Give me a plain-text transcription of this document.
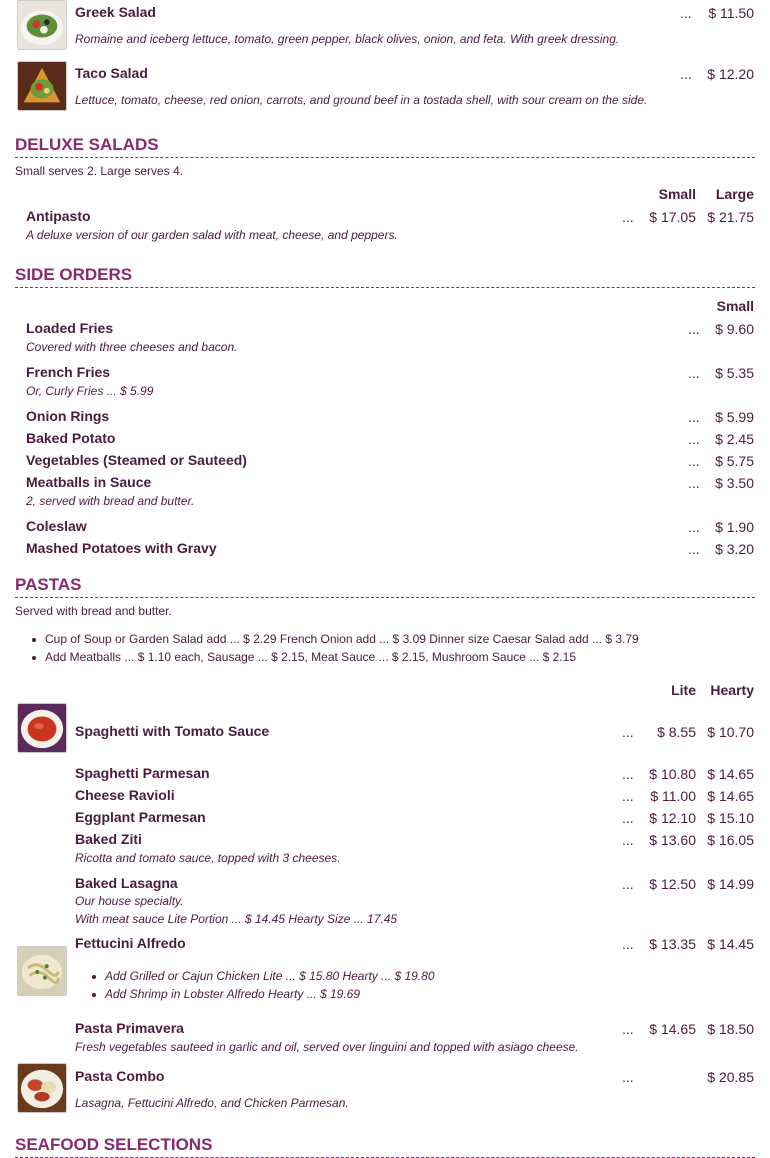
Greek Salad	... $ 11.50
Romaine and iceberg lettuce, tomato, green pepper, black olives, onion, and feta. With greek dressing.
Taco Salad	... $ 12.20
Lettuce, tomato, cheese, red onion, carrots, and ground beef in a tostada shell, with sour cream on the side.
DELUXE SALADS
Small serves 2. Large serves 4.
Small Large
Antipasto	... $ 17.05 $ 21.75
A deluxe version of our garden salad with meat, cheese, and peppers.
SIDE ORDERS
Small
Loaded Fries	... $ 9.60
Covered with three cheeses and bacon.
French Fries	... $ 5.35
Or, Curly Fries ... $ 5.99
Onion Rings	... $ 5.99
Baked Potato	... $ 2.45
Vegetables (Steamed or Sauteed)	... $ 5.75
Meatballs in Sauce	... $ 3.50
2, served with bread and butter.
Coleslaw	... $ 1.90
Mashed Potatoes with Gravy	... $ 3.20
PASTAS
Served with bread and butter.
Cup of Soup or Garden Salad add ... $ 2.29 French Onion add ... $ 3.09 Dinner size Caesar Salad add ... $ 3.79
Add Meatballs ... $ 1.10 each, Sausage ... $ 2.15, Meat Sauce ... $ 2.15, Mushroom Sauce ... $ 2.15
Lite Hearty
Spaghetti with Tomato Sauce	... $ 8.55 $ 10.70
Spaghetti Parmesan	... $ 10.80 $ 14.65
Cheese Ravioli	... $ 11.00 $ 14.65
Eggplant Parmesan	... $ 12.10 $ 15.10
Baked Ziti	... $ 13.60 $ 16.05
Ricotta and tomato sauce, topped with 3 cheeses.
Baked Lasagna	... $ 12.50 $ 14.99
Our house specialty.
With meat sauce Lite Portion ... $ 14.45 Hearty Size ... 17.45
Fettucini Alfredo	... $ 13.35 $ 14.45
Add Grilled or Cajun Chicken Lite ... $ 15.80 Hearty ... $ 19.80
Add Shrimp in Lobster Alfredo Hearty ... $ 19.69
Pasta Primavera	... $ 14.65 $ 18.50
Fresh vegetables sauteed in garlic and oil, served over linguini and topped with asiago cheese.
Pasta Combo	...	$ 20.85
Lasagna, Fettucini Alfredo, and Chicken Parmesan.
SEAFOOD SELECTIONS
